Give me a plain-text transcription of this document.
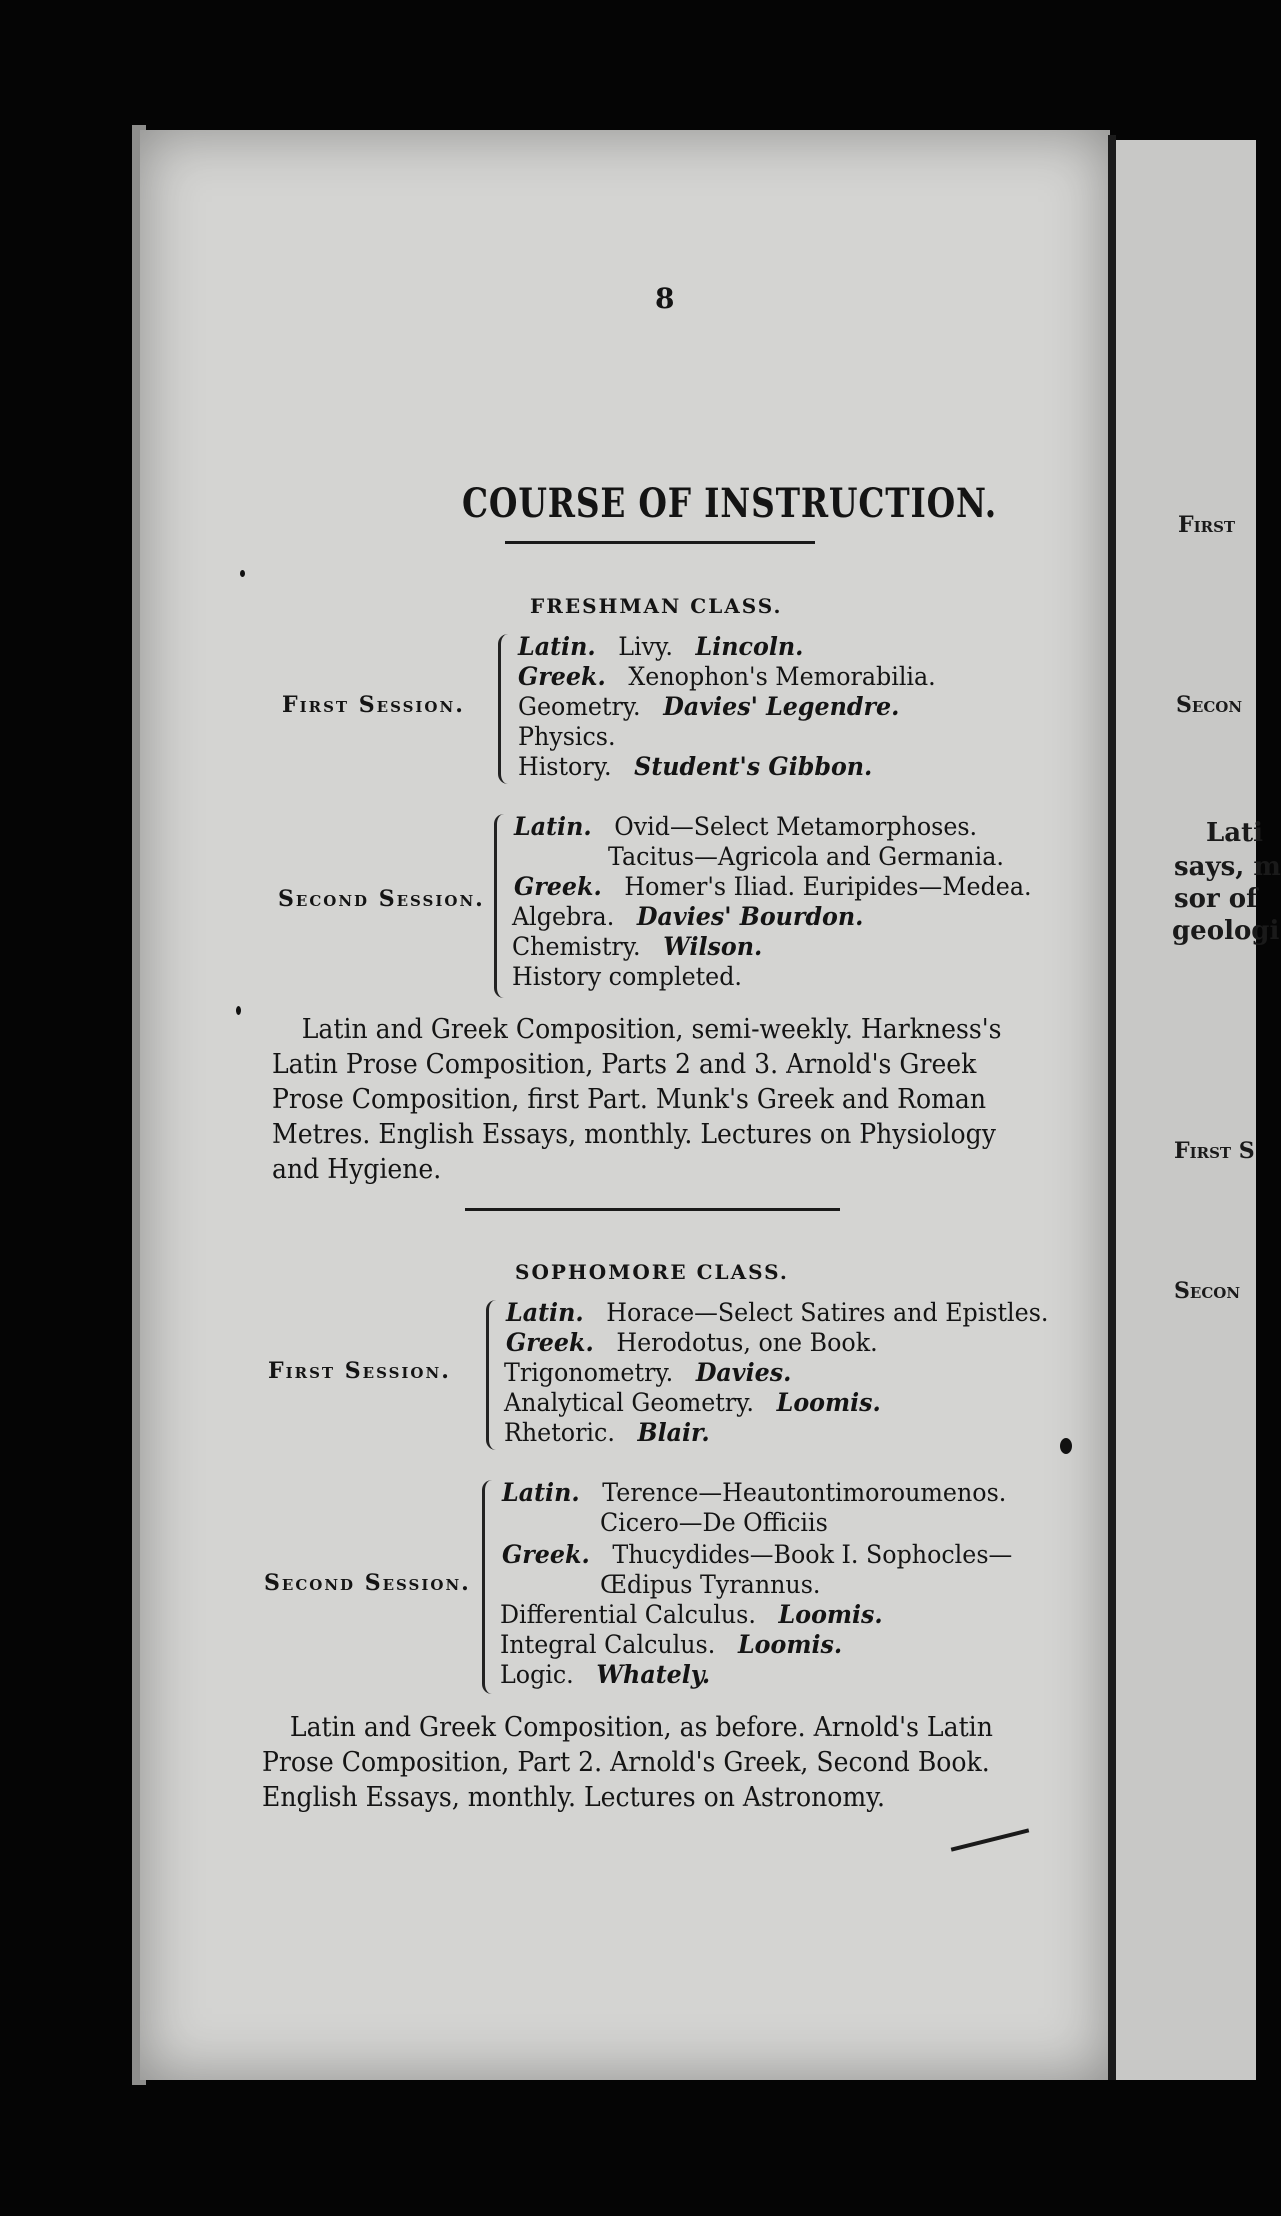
First
Secon
Lati
says, m
sor of
geologi
First S
Secon
8
COURSE OF INSTRUCTION.
FRESHMAN CLASS.
First Session.
Latin. Livy. Lincoln.
Greek. Xenophon's Memorabilia.
Geometry. Davies' Legendre.
Physics.
History. Student's Gibbon.
Second Session.
Latin. Ovid—Select Metamorphoses.
Tacitus—Agricola and Germania.
Greek. Homer's Iliad. Euripides—Medea.
Algebra. Davies' Bourdon.
Chemistry. Wilson.
History completed.
Latin and Greek Composition, semi-weekly. Harkness's
Latin Prose Composition, Parts 2 and 3. Arnold's Greek
Prose Composition, first Part. Munk's Greek and Roman
Metres. English Essays, monthly. Lectures on Physiology
and Hygiene.
SOPHOMORE CLASS.
First Session.
Latin. Horace—Select Satires and Epistles.
Greek. Herodotus, one Book.
Trigonometry. Davies.
Analytical Geometry. Loomis.
Rhetoric. Blair.
Second Session.
Latin. Terence—Heautontimoroumenos.
Cicero—De Officiis
Greek. Thucydides—Book I. Sophocles—
Œdipus Tyrannus.
Differential Calculus. Loomis.
Integral Calculus. Loomis.
Logic. Whately.
Latin and Greek Composition, as before. Arnold's Latin
Prose Composition, Part 2. Arnold's Greek, Second Book.
English Essays, monthly. Lectures on Astronomy.
